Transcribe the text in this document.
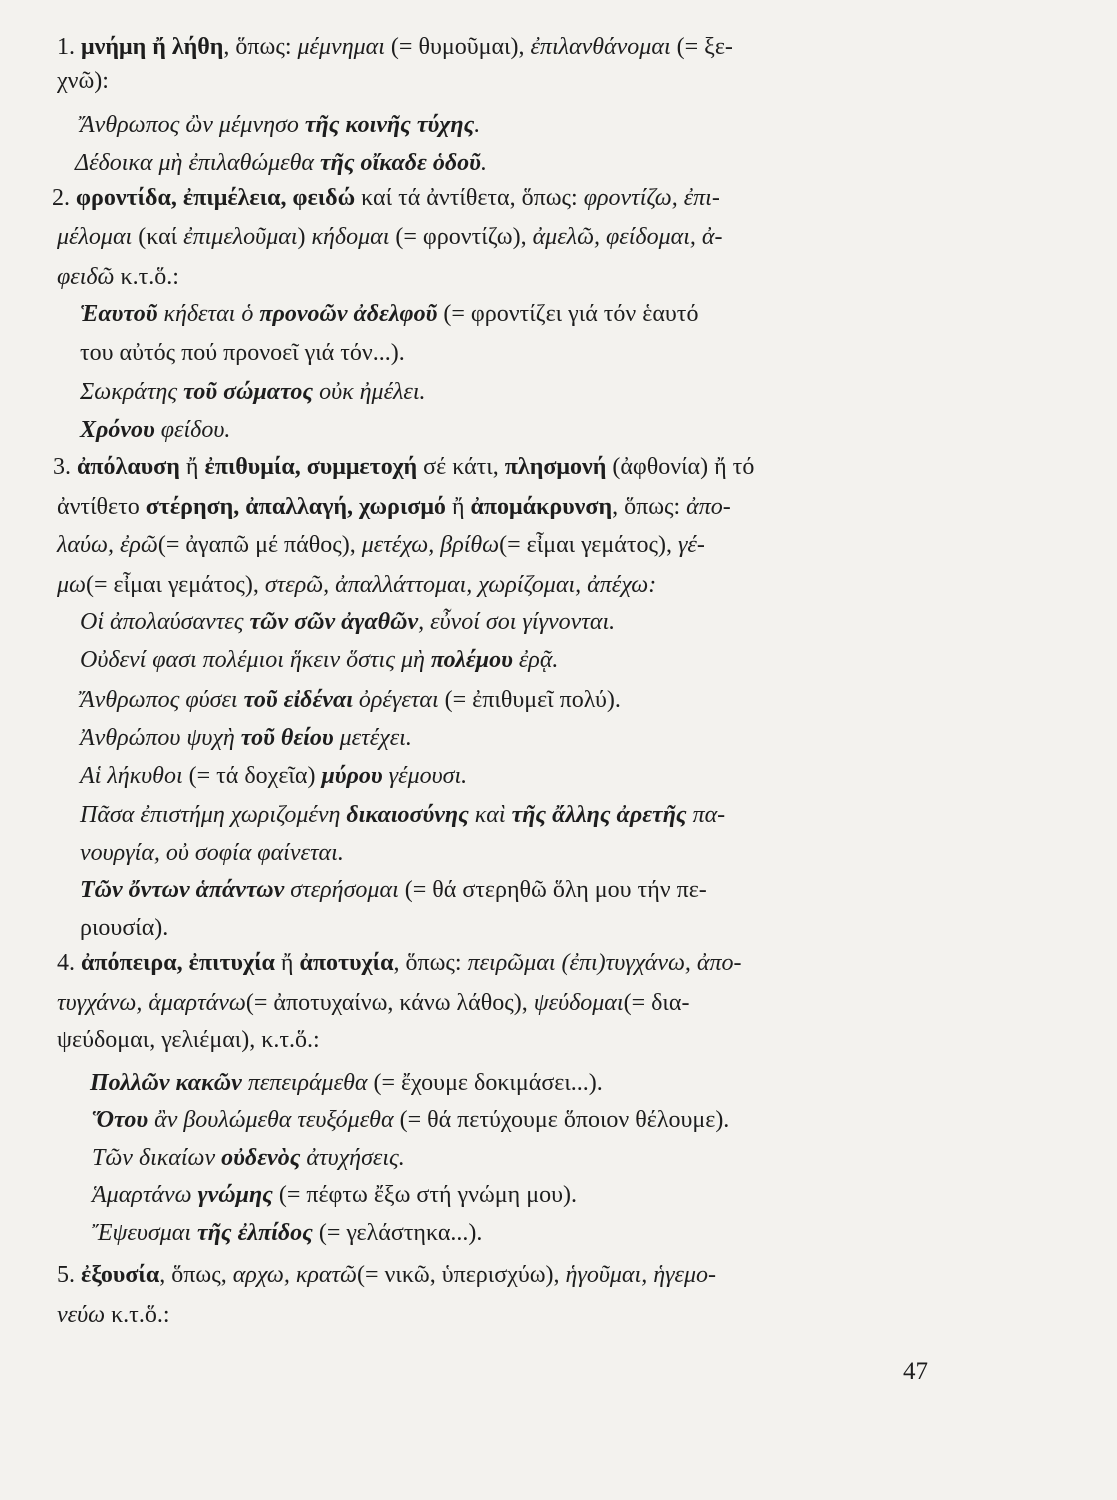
1. μνήμη ἤ λήθη, ὅπως: μέμνημαι (= θυμοῦμαι), ἐπιλανθάνομαι (= ξε-

χνῶ):

Ἄνθρωπος ὢν μέμνησο τῆς κοινῆς τύχης.

Δέδοικα μὴ ἐπιλαθώμεθα τῆς οἴκαδε ὁδοῦ.

2. φροντίδα, ἐπιμέλεια, φειδώ καί τά ἀντίθετα, ὅπως: φροντίζω, ἐπι-

μέλομαι (καί ἐπιμελοῦμαι) κήδομαι (= φροντίζω), ἀμελῶ, φείδομαι, ἀ-

φειδῶ κ.τ.ὅ.:

Ἑαυτοῦ κήδεται ὁ προνοῶν ἀδελφοῦ (= φροντίζει γιά τόν ἑαυτό

του αὐτός πού προνοεῖ γιά τόν...).

Σωκράτης τοῦ σώματος οὐκ ἠμέλει.

Χρόνου φείδου.

3. ἀπόλαυση ἤ ἐπιθυμία, συμμετοχή σέ κάτι, πλησμονή (ἀφθονία) ἤ τό

ἀντίθετο στέρηση, ἀπαλλαγή, χωρισμό ἤ ἀπομάκρυνση, ὅπως: ἀπο-

λαύω, ἐρῶ(= ἀγαπῶ μέ πάθος), μετέχω, βρίθω(= εἶμαι γεμάτος), γέ-

μω(= εἶμαι γεμάτος), στερῶ, ἀπαλλάττομαι, χωρίζομαι, ἀπέχω:

Οἱ ἀπολαύσαντες τῶν σῶν ἀγαθῶν, εὖνοί σοι γίγνονται.

Οὐδενί φασι πολέμιοι ἥκειν ὅστις μὴ πολέμου ἐρᾷ.

Ἄνθρωπος φύσει τοῦ εἰδέναι ὀρέγεται (= ἐπιθυμεῖ πολύ).

Ἀνθρώπου ψυχὴ τοῦ θείου μετέχει.

Αἱ λήκυθοι (= τά δοχεῖα) μύρου γέμουσι.

Πᾶσα ἐπιστήμη χωριζομένη δικαιοσύνης καὶ τῆς ἄλλης ἀρετῆς πα-

νουργία, οὐ σοφία φαίνεται.

Τῶν ὄντων ἁπάντων στερήσομαι (= θά στερηθῶ ὅλη μου τήν πε-

ριουσία).

4. ἀπόπειρα, ἐπιτυχία ἤ ἀποτυχία, ὅπως: πειρῶμαι (ἐπι)τυγχάνω, ἀπο-

τυγχάνω, ἁμαρτάνω(= ἀποτυχαίνω, κάνω λάθος), ψεύδομαι(= δια-

ψεύδομαι, γελιέμαι), κ.τ.ὅ.:

Πολλῶν κακῶν πεπειράμεθα (= ἔχουμε δοκιμάσει...).

Ὅτου ἂν βουλώμεθα τευξόμεθα (= θά πετύχουμε ὅποιον θέλουμε).

Τῶν δικαίων οὐδενὸς ἀτυχήσεις.

Ἁμαρτάνω γνώμης (= πέφτω ἔξω στή γνώμη μου).

Ἔψευσμαι τῆς ἐλπίδος (= γελάστηκα...).

5. ἐξουσία, ὅπως, αρχω, κρατῶ(= νικῶ, ὑπερισχύω), ἡγοῦμαι, ἡγεμο-

νεύω κ.τ.ὅ.:

47
